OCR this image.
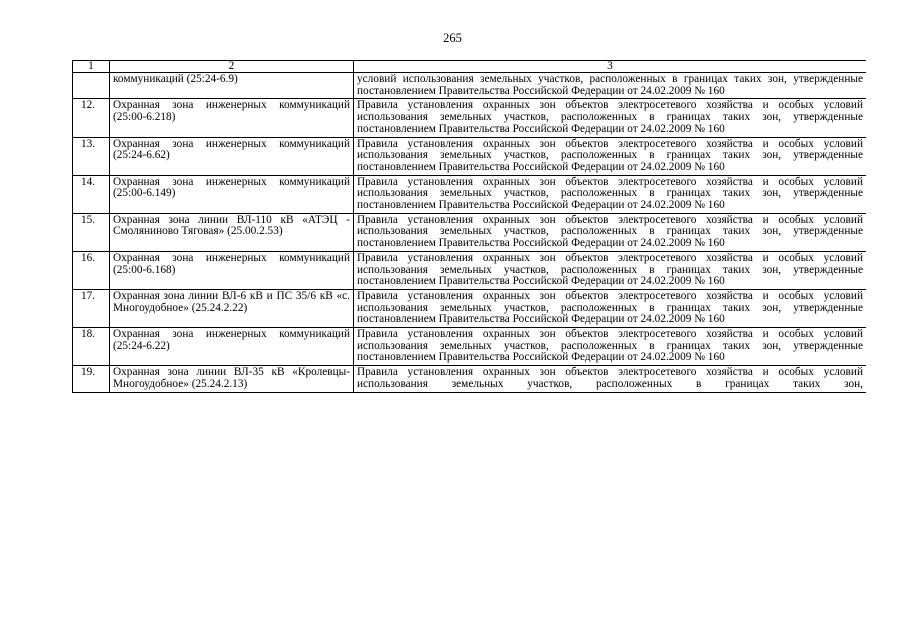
265
1	2	3
	коммуникаций (25:24-6.9)	условий использования земельных участков, расположенных в границах таких зон, утвержденные постановлением Правительства Российской Федерации от 24.02.2009 № 160
12.	Охранная зона инженерных коммуникаций (25:00-6.218)	Правила установления охранных зон объектов электросетевого хозяйства и особых условий использования земельных участков, расположенных в границах таких зон, утвержденные постановлением Правительства Российской Федерации от 24.02.2009 № 160
13.	Охранная зона инженерных коммуникаций (25:24-6.62)	Правила установления охранных зон объектов электросетевого хозяйства и особых условий использования земельных участков, расположенных в границах таких зон, утвержденные постановлением Правительства Российской Федерации от 24.02.2009 № 160
14.	Охранная зона инженерных коммуникаций (25:00-6.149)	Правила установления охранных зон объектов электросетевого хозяйства и особых условий использования земельных участков, расположенных в границах таких зон, утвержденные постановлением Правительства Российской Федерации от 24.02.2009 № 160
15.	Охранная зона линии ВЛ-110 кВ «АТЭЦ - Смоляниново Тяговая» (25.00.2.53)	Правила установления охранных зон объектов электросетевого хозяйства и особых условий использования земельных участков, расположенных в границах таких зон, утвержденные постановлением Правительства Российской Федерации от 24.02.2009 № 160
16.	Охранная зона инженерных коммуникаций (25:00-6.168)	Правила установления охранных зон объектов электросетевого хозяйства и особых условий использования земельных участков, расположенных в границах таких зон, утвержденные постановлением Правительства Российской Федерации от 24.02.2009 № 160
17.	Охранная зона линии ВЛ-6 кВ и ПС 35/6 кВ «с. Многоудобное» (25.24.2.22)	Правила установления охранных зон объектов электросетевого хозяйства и особых условий использования земельных участков, расположенных в границах таких зон, утвержденные постановлением Правительства Российской Федерации от 24.02.2009 № 160
18.	Охранная зона инженерных коммуникаций (25:24-6.22)	Правила установления охранных зон объектов электросетевого хозяйства и особых условий использования земельных участков, расположенных в границах таких зон, утвержденные постановлением Правительства Российской Федерации от 24.02.2009 № 160
19.	Охранная зона линии ВЛ-35 кВ «Кролевцы-Многоудобное» (25.24.2.13)	Правила установления охранных зон объектов электросетевого хозяйства и особых условий использования земельных участков, расположенных в границах таких зон,
